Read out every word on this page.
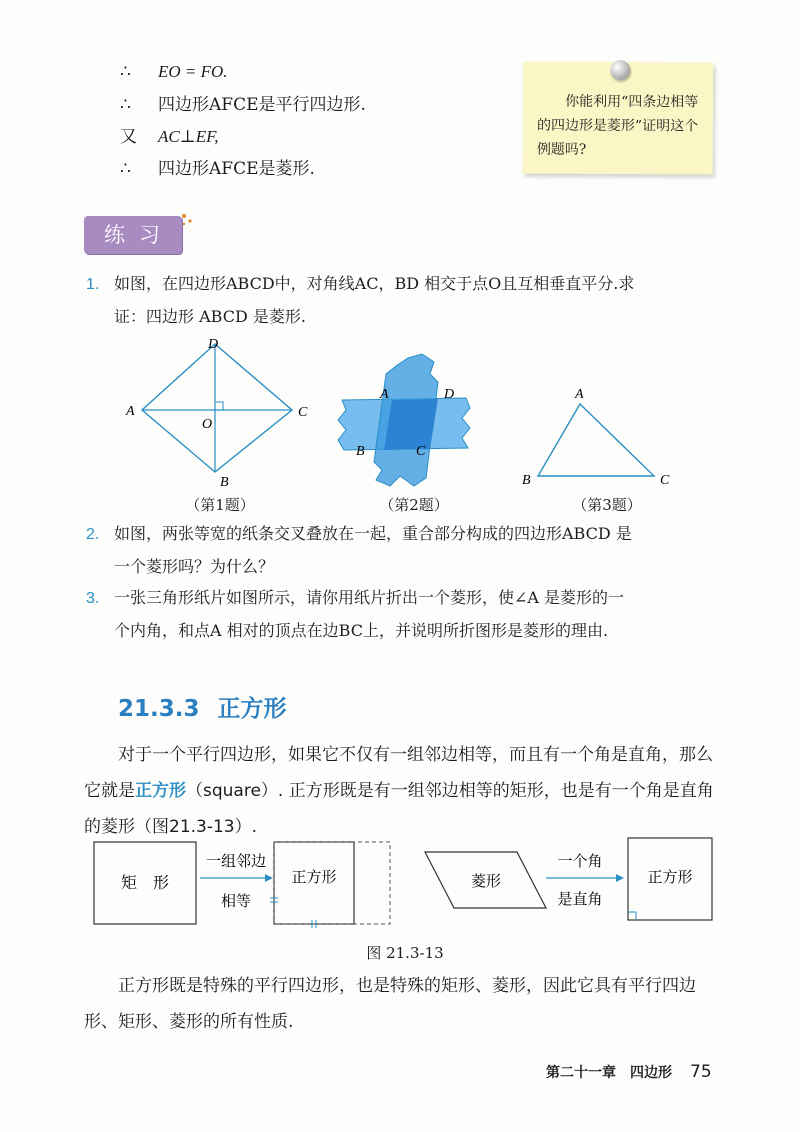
∴ EO = FO.
∴ 四边形AFCE是平行四边形.
又 AC⊥EF,
∴ 四边形AFCE是菱形.
你能利用“四条边相等的四边形是菱形”证明这个例题吗?
练习
1. 如图，在四边形ABCD中，对角线AC，BD 相交于点O且互相垂直平分.求
证：四边形 ABCD 是菱形.
D
A	C
O
B
（第1题）
A	D
B	C
（第2题）
A
B	C
（第3题）
2. 如图，两张等宽的纸条交叉叠放在一起，重合部分构成的四边形ABCD 是
一个菱形吗？为什么？
3. 一张三角形纸片如图所示，请你用纸片折出一个菱形，使∠A 是菱形的一
个内角，和点A 相对的顶点在边BC上，并说明所折图形是菱形的理由.
21.3.3 正方形
对于一个平行四边形，如果它不仅有一组邻边相等，而且有一个角是直角，那么它就是正方形（square）. 正方形既是有一组邻边相等的矩形，也是有一个角是直角的菱形（图21.3-13）.
矩　形
一组邻边
相等
正方形	菱形
一个角
是直角
正方形
图 21.3-13
正方形既是特殊的平行四边形，也是特殊的矩形、菱形，因此它具有平行四边形、矩形、菱形的所有性质.
第二十一章　四边形 75
